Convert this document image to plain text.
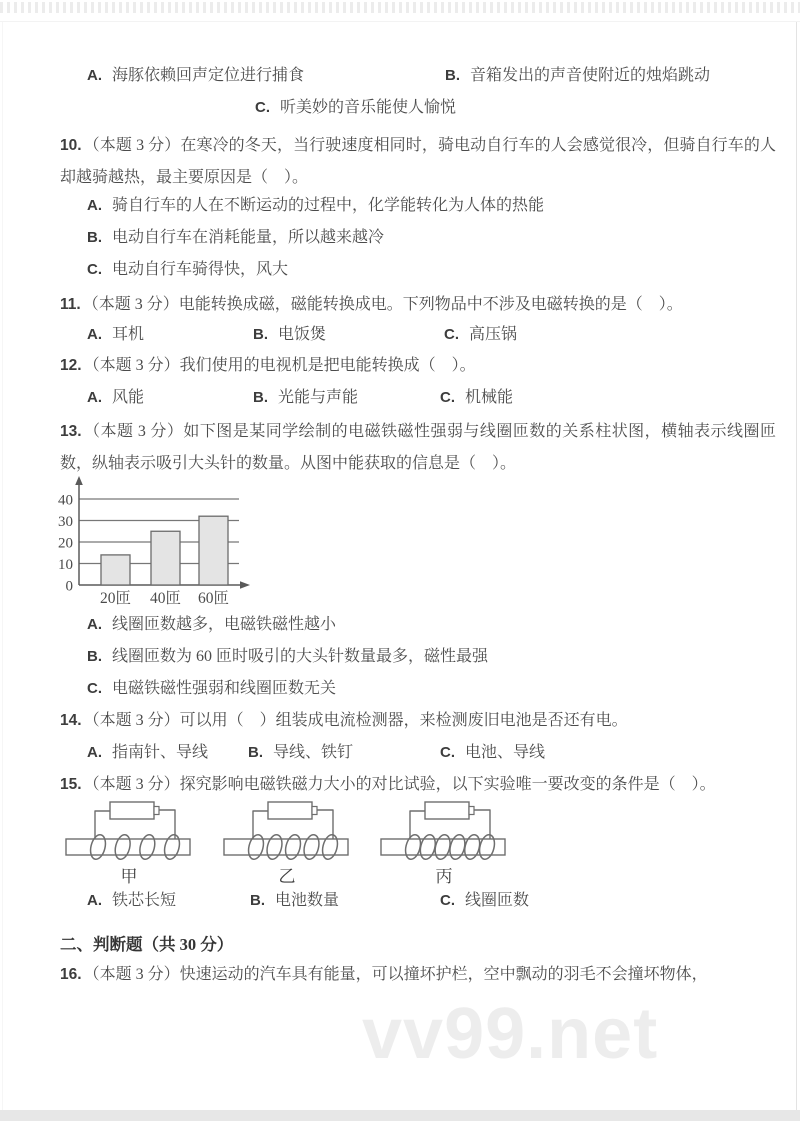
A. 海豚依赖回声定位进行捕食	B. 音箱发出的声音使附近的烛焰跳动
C. 听美妙的音乐能使人愉悦
10. （本题 3 分）在寒冷的冬天，当行驶速度相同时，骑电动自行车的人会感觉很冷，但骑自行车的人却越骑越热，最主要原因是（　）。
A. 骑自行车的人在不断运动的过程中，化学能转化为人体的热能
B. 电动自行车在消耗能量，所以越来越冷
C. 电动自行车骑得快，风大
11. （本题 3 分）电能转换成磁，磁能转换成电。下列物品中不涉及电磁转换的是（　）。
A. 耳机	B. 电饭煲	C. 高压锅
12. （本题 3 分）我们使用的电视机是把电能转换成（　）。
A. 风能	B. 光能与声能	C. 机械能
13. （本题 3 分）如下图是某同学绘制的电磁铁磁性强弱与线圈匝数的关系柱状图，横轴表示线圈匝数，纵轴表示吸引大头针的数量。从图中能获取的信息是（　）。
0
10
20
30
40
20匝 40匝 60匝
A. 线圈匝数越多，电磁铁磁性越小
B. 线圈匝数为 60 匝时吸引的大头针数量最多，磁性最强
C. 电磁铁磁性强弱和线圈匝数无关
14. （本题 3 分）可以用（　）组装成电流检测器，来检测废旧电池是否还有电。
A. 指南针、导线	B. 导线、铁钉	C. 电池、导线
15. （本题 3 分）探究影响电磁铁磁力大小的对比试验，以下实验唯一要改变的条件是（　）。
甲	乙	丙
A. 铁芯长短	B. 电池数量	C. 线圈匝数
二、判断题（共 30 分）
16. （本题 3 分）快速运动的汽车具有能量，可以撞坏护栏，空中飘动的羽毛不会撞坏物体，
vv99.net
